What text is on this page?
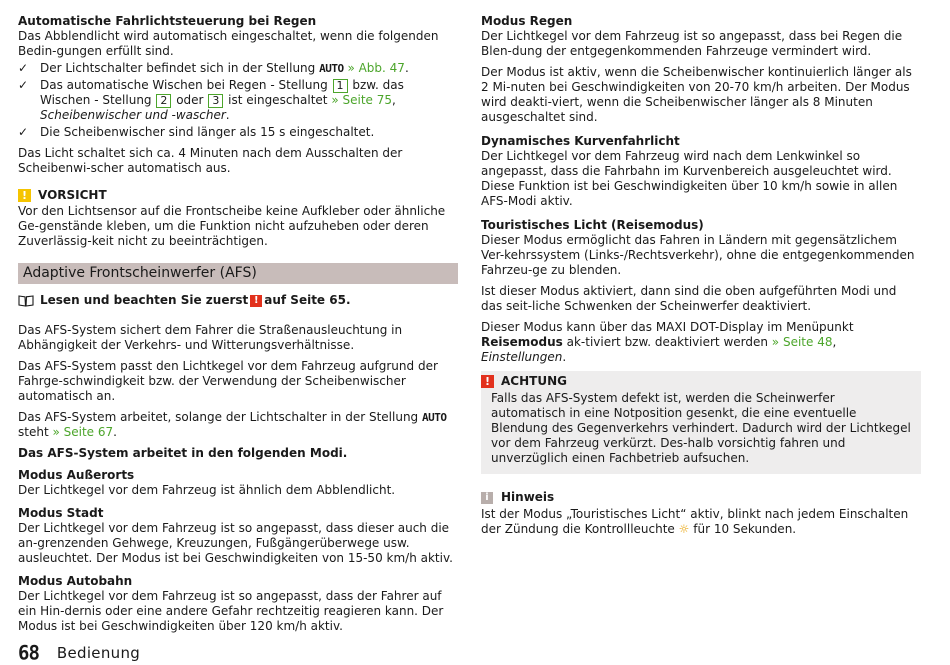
Automatische Fahrlichtsteuerung bei Regen

Das Abblendlicht wird automatisch eingeschaltet, wenn die folgenden Bedin-gungen erfüllt sind.

✓ Der Lichtschalter befindet sich in der Stellung AUTO » Abb. 47.
✓ Das automatische Wischen bei Regen - Stellung 1 bzw. das Wischen - Stellung 2 oder 3 ist eingeschaltet » Seite 75, Scheibenwischer und -wascher.
✓ Die Scheibenwischer sind länger als 15 s eingeschaltet.

Das Licht schaltet sich ca. 4 Minuten nach dem Ausschalten der Scheibenwi-scher automatisch aus.

! VORSICHT

Vor den Lichtsensor auf die Frontscheibe keine Aufkleber oder ähnliche Ge-genstände kleben, um die Funktion nicht aufzuheben oder deren Zuverlässig-keit nicht zu beeinträchtigen.

Adaptive Frontscheinwerfer (AFS)
Lesen und beachten Sie zuerst ! auf Seite 65.

Das AFS-System sichert dem Fahrer die Straßenausleuchtung in Abhängigkeit der Verkehrs- und Witterungsverhältnisse.

Das AFS-System passt den Lichtkegel vor dem Fahrzeug aufgrund der Fahrge-schwindigkeit bzw. der Verwendung der Scheibenwischer automatisch an.

Das AFS-System arbeitet, solange der Lichtschalter in der Stellung AUTO steht » Seite 67.

Das AFS-System arbeitet in den folgenden Modi.

Modus Außerorts

Der Lichtkegel vor dem Fahrzeug ist ähnlich dem Abblendlicht.

Modus Stadt

Der Lichtkegel vor dem Fahrzeug ist so angepasst, dass dieser auch die an-grenzenden Gehwege, Kreuzungen, Fußgängerüberwege usw. ausleuchtet. Der Modus ist bei Geschwindigkeiten von 15-50 km/h aktiv.

Modus Autobahn

Der Lichtkegel vor dem Fahrzeug ist so angepasst, dass der Fahrer auf ein Hin-dernis oder eine andere Gefahr rechtzeitig reagieren kann. Der Modus ist bei Geschwindigkeiten über 120 km/h aktiv.

Modus Regen

Der Lichtkegel vor dem Fahrzeug ist so angepasst, dass bei Regen die Blen-dung der entgegenkommenden Fahrzeuge vermindert wird.

Der Modus ist aktiv, wenn die Scheibenwischer kontinuierlich länger als 2 Mi-nuten bei Geschwindigkeiten von 20-70 km/h arbeiten. Der Modus wird deakti-viert, wenn die Scheibenwischer länger als 8 Minuten ausgeschaltet sind.

Dynamisches Kurvenfahrlicht

Der Lichtkegel vor dem Fahrzeug wird nach dem Lenkwinkel so angepasst, dass die Fahrbahn im Kurvenbereich ausgeleuchtet wird. Diese Funktion ist bei Geschwindigkeiten über 10 km/h sowie in allen AFS-Modi aktiv.

Touristisches Licht (Reisemodus)

Dieser Modus ermöglicht das Fahren in Ländern mit gegensätzlichem Ver-kehrssystem (Links-/Rechtsverkehr), ohne die entgegenkommenden Fahrzeu-ge zu blenden.

Ist dieser Modus aktiviert, dann sind die oben aufgeführten Modi und das seit-liche Schwenken der Scheinwerfer deaktiviert.

Dieser Modus kann über das MAXI DOT-Display im Menüpunkt Reisemodus ak-tiviert bzw. deaktiviert werden » Seite 48, Einstellungen.

! ACHTUNG
Falls das AFS-System defekt ist, werden die Scheinwerfer automatisch in eine Notposition gesenkt, die eine eventuelle Blendung des Gegenverkehrs verhindert. Dadurch wird der Lichtkegel vor dem Fahrzeug verkürzt. Des-halb vorsichtig fahren und unverzüglich einen Fachbetrieb aufsuchen.
i	Hinweis

Ist der Modus „Touristisches Licht“ aktiv, blinkt nach jedem Einschalten der Zündung die Kontrollleuchte ☼ für 10 Sekunden.

68 Bedienung
